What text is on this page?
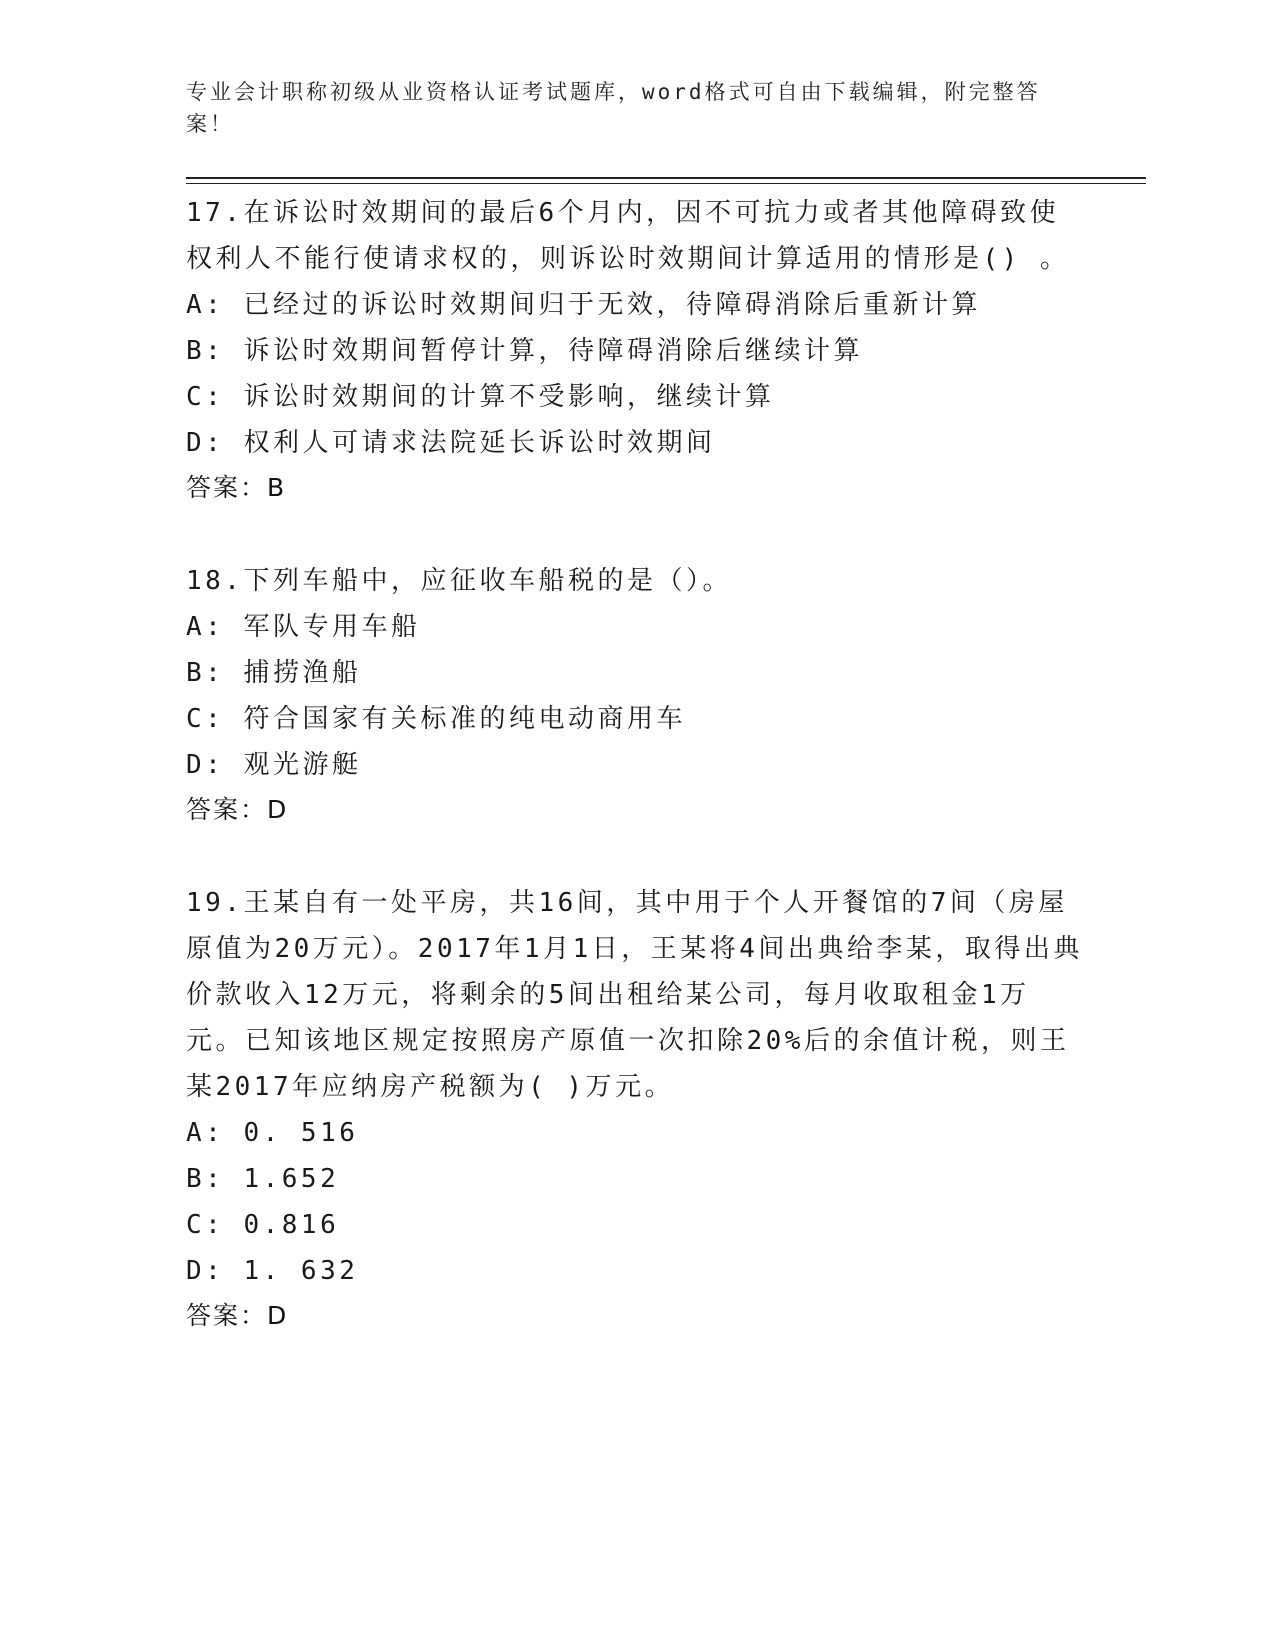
专业会计职称初级从业资格认证考试题库，word格式可自由下载编辑，附完整答案！

17.在诉讼时效期间的最后6个月内，因不可抗力或者其他障碍致使权利人不能行使请求权的，则诉讼时效期间计算适用的情形是() 。

A: 已经过的诉讼时效期间归于无效，待障碍消除后重新计算

B: 诉讼时效期间暂停计算，待障碍消除后继续计算

C: 诉讼时效期间的计算不受影响，继续计算

D: 权利人可请求法院延长诉讼时效期间

答案：B

18.下列车船中，应征收车船税的是（）。

A: 军队专用车船

B: 捕捞渔船

C: 符合国家有关标准的纯电动商用车

D: 观光游艇

答案：D

19.王某自有一处平房，共16间，其中用于个人开餐馆的7间（房屋原值为20万元）。2017年1月1日，王某将4间出典给李某，取得出典价款收入12万元，将剩余的5间出租给某公司，每月收取租金1万元。已知该地区规定按照房产原值一次扣除20%后的余值计税，则王某2017年应纳房产税额为( )万元。

A: 0. 516

B: 1.652

C: 0.816

D: 1. 632

答案：D
